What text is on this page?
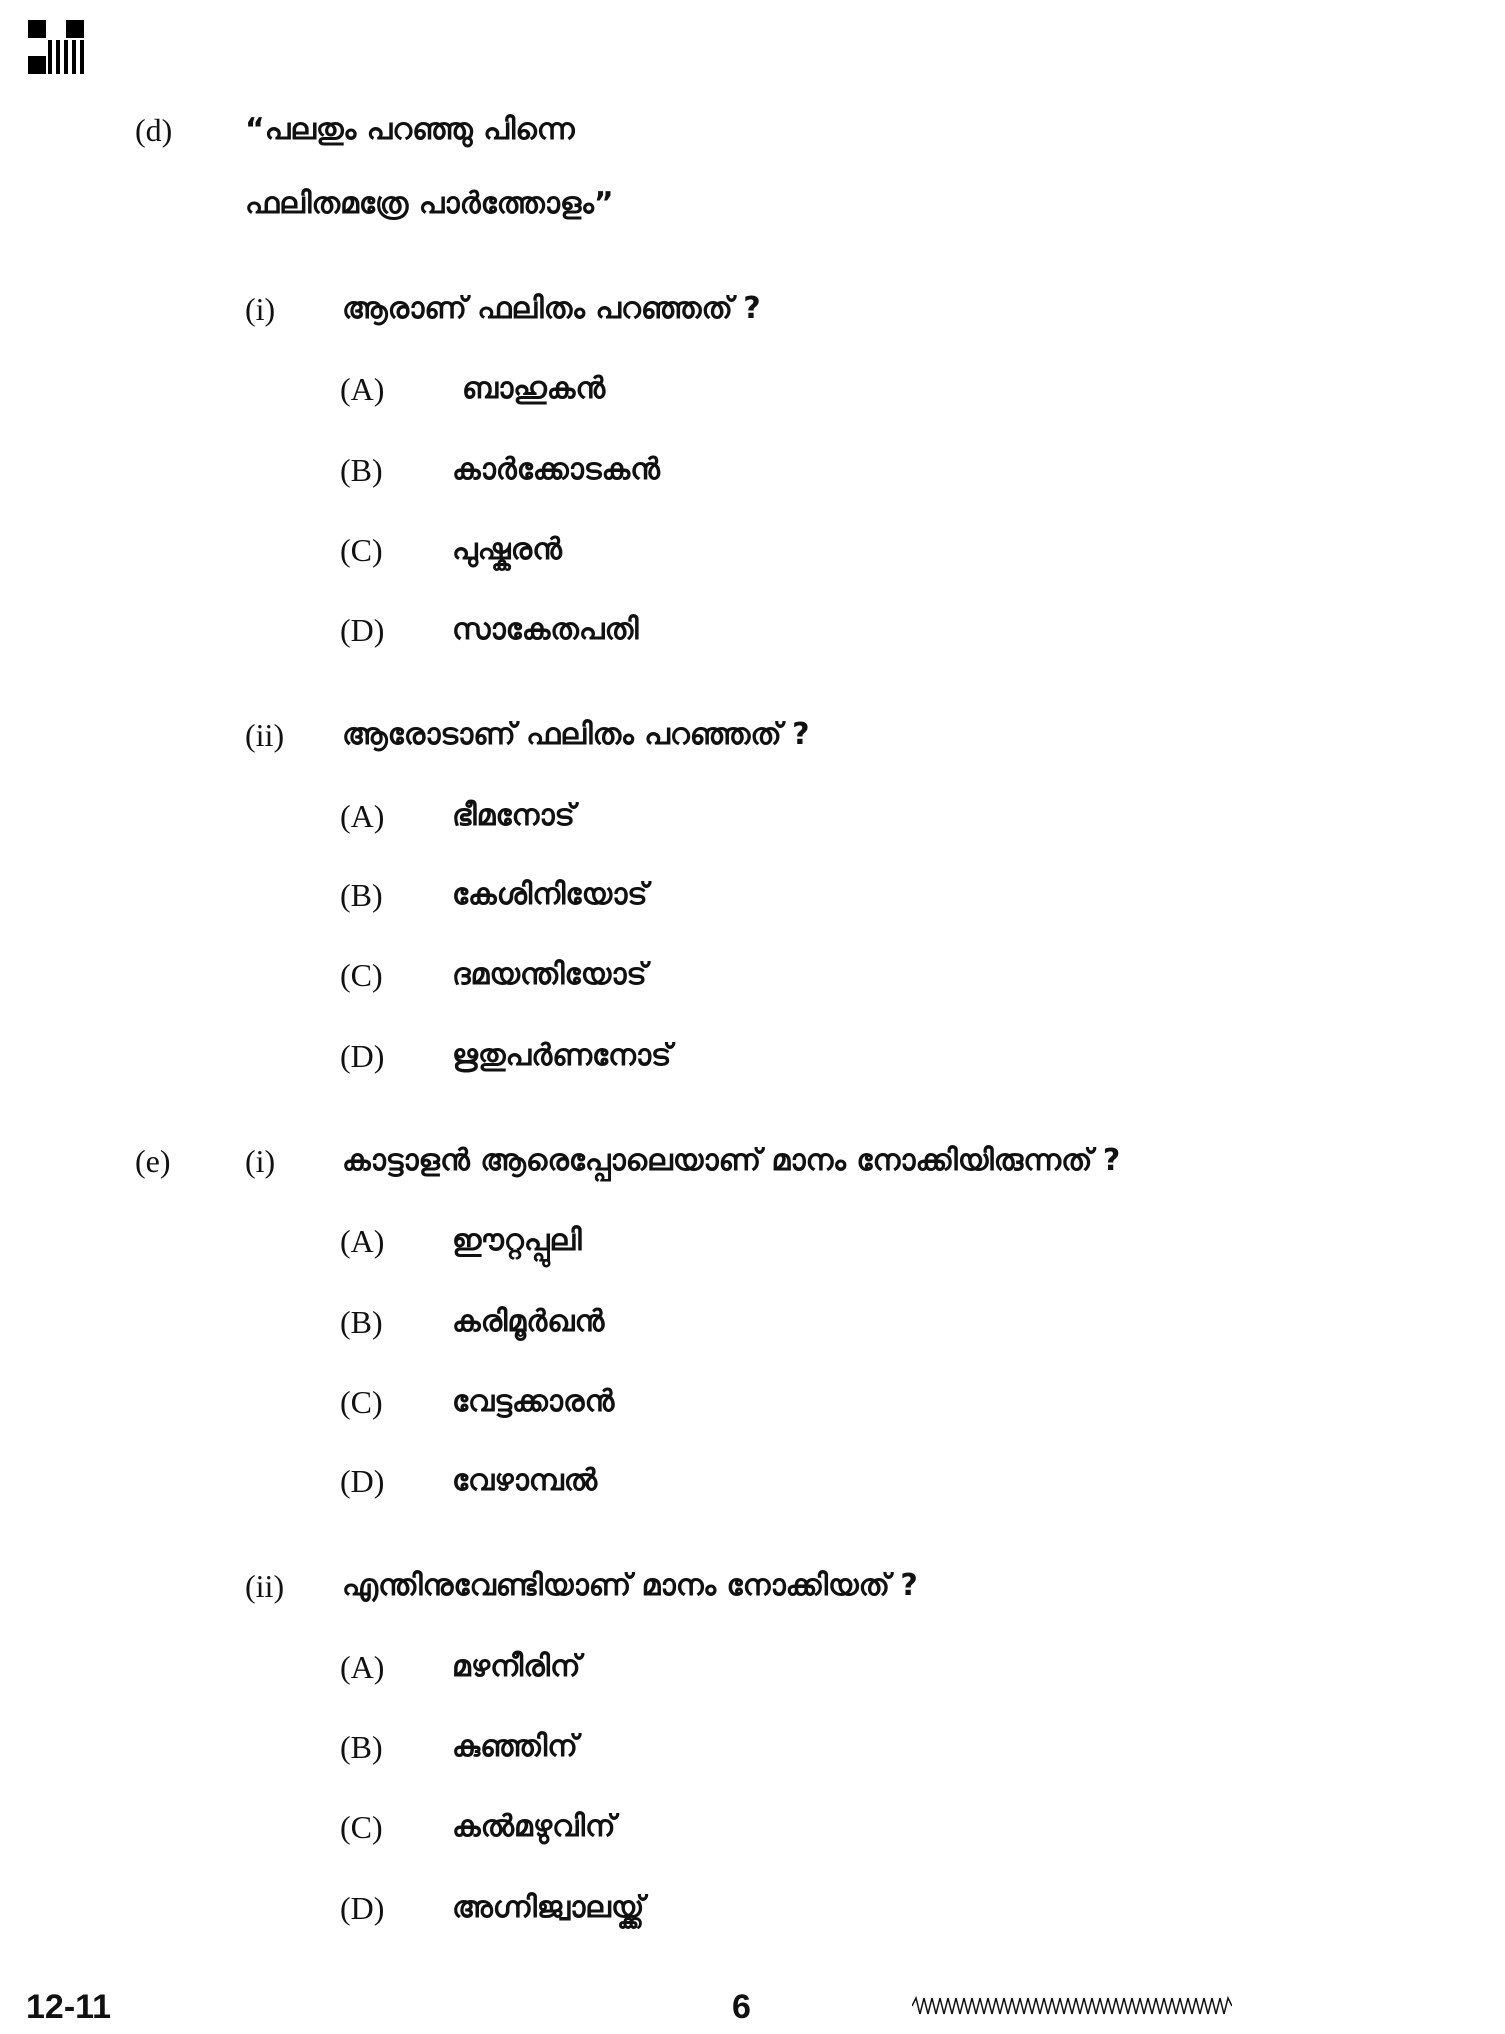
(d) “പലതും പറഞ്ഞു പിന്നെ
ഫലിതമത്രേ പാർത്തോളം”
(i) ആരാണ് ഫലിതം പറഞ്ഞത് ?
(A)	ബാഹുകൻ
(B) കാർക്കോടകൻ
(C) പുഷ്കരൻ
(D) സാകേതപതി
(ii) ആരോടാണ് ഫലിതം പറഞ്ഞത് ?
(A) ഭീമനോട്
(B) കേശിനിയോട്
(C) ദമയന്തിയോട്
(D) ഋതുപർണനോട്
(e) (i) കാട്ടാളൻ ആരെപ്പോലെയാണ് മാനം നോക്കിയിരുന്നത് ?
(A) ഈറ്റപ്പുലി
(B) കരിമൂർഖൻ
(C) വേട്ടക്കാരൻ
(D) വേഴാമ്പൽ
(ii) എന്തിനുവേണ്ടിയാണ് മാനം നോക്കിയത് ?
(A) മഴനീരിന്
(B) കുഞ്ഞിന്
(C) കൽമഴുവിന്
(D) അഗ്നിജ്വാലയ്ക്ക്
12-11	6
